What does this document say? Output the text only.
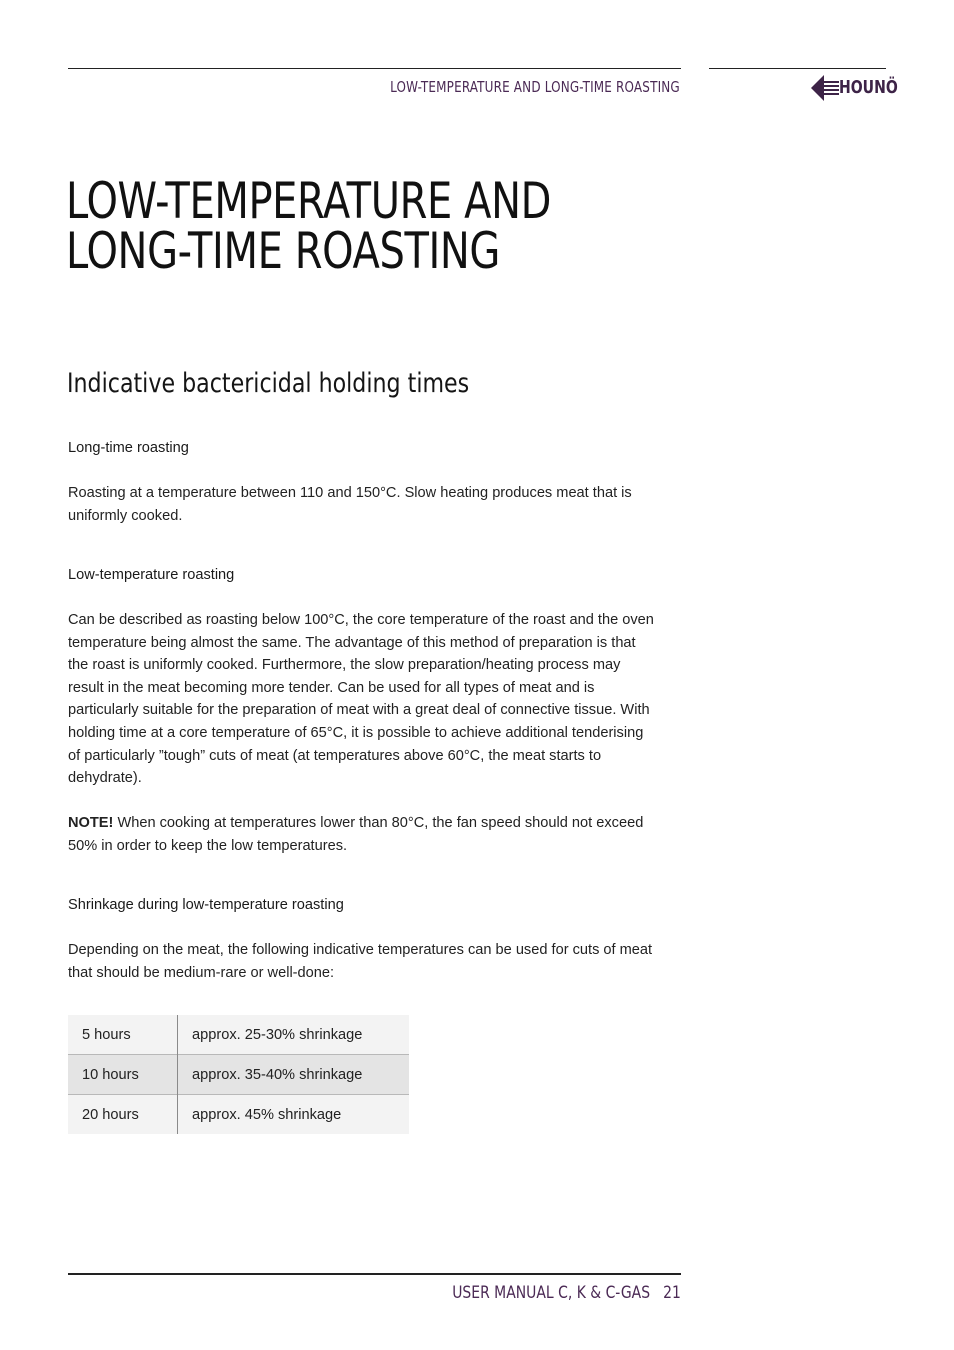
LOW-TEMPERATURE AND LONG-TIME ROASTING	HOUNÖ
LOW-TEMPERATURE AND
LONG-TIME ROASTING
Indicative bactericidal holding times

Long-time roasting

Roasting at a temperature between 110 and 150°C. Slow heating produces meat that is uniformly cooked.

Low-temperature roasting

Can be described as roasting below 100°C, the core temperature of the roast and the oven temperature being almost the same. The advantage of this method of preparation is that the roast is uniformly cooked. Furthermore, the slow preparation/heating process may result in the meat becoming more tender. Can be used for all types of meat and is particularly suitable for the preparation of meat with a great deal of connective tissue. With holding time at a core temperature of 65°C, it is possible to achieve additional tenderising of particularly ”tough” cuts of meat (at temperatures above 60°C, the meat starts to dehydrate).

NOTE! When cooking at temperatures lower than 80°C, the fan speed should not exceed 50% in order to keep the low temperatures.

Shrinkage during low-temperature roasting

Depending on the meat, the following indicative temperatures can be used for cuts of meat that should be medium-rare or well-done:

5 hours	approx. 25-30% shrinkage
10 hours	approx. 35-40% shrinkage
20 hours	approx. 45% shrinkage
USER MANUAL C, K & C-GAS 21
